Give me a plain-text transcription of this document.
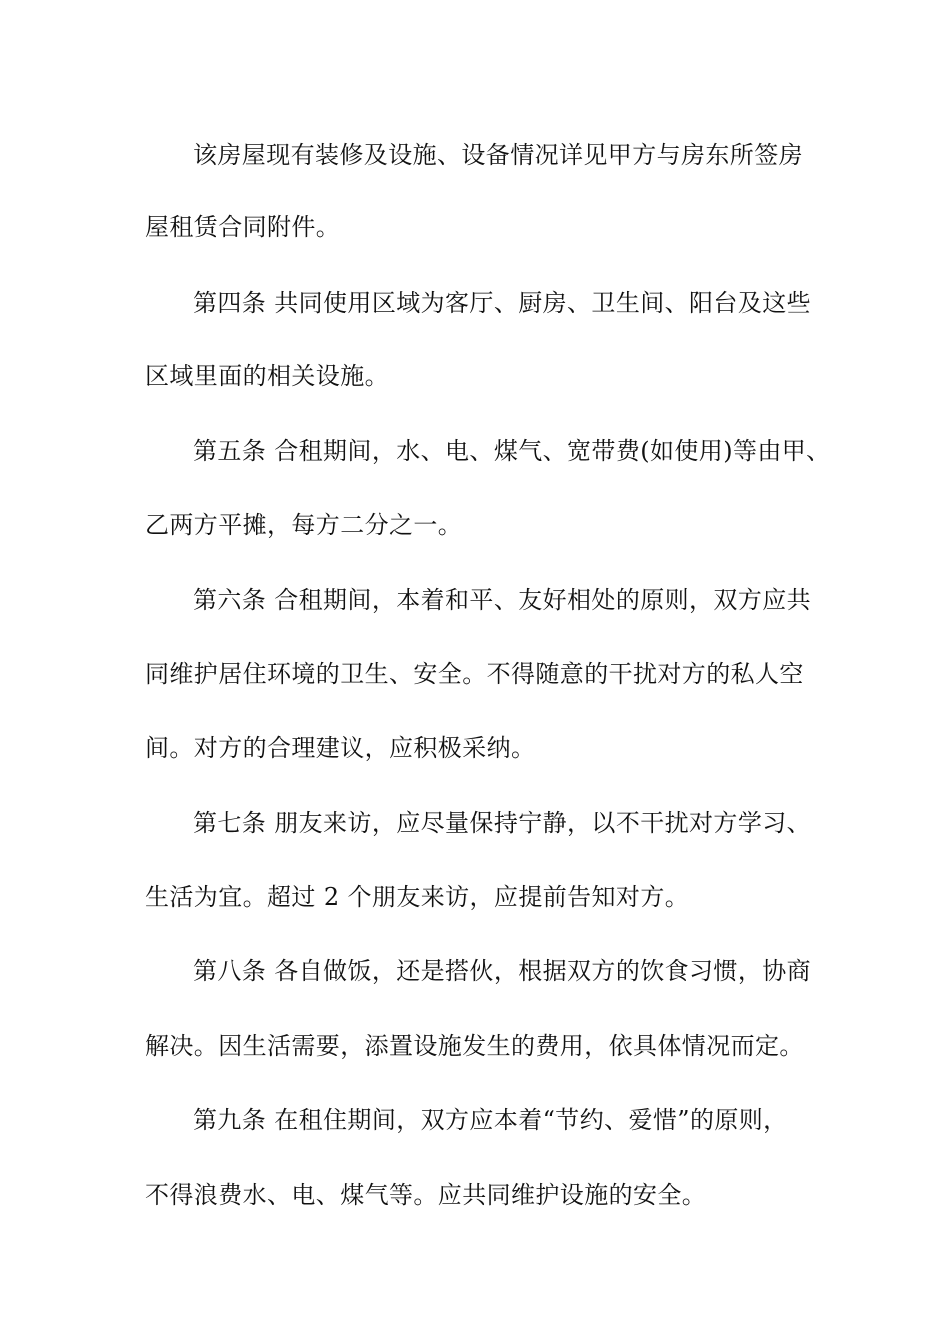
该房屋现有装修及设施、设备情况详见甲方与房东所签房
屋租赁合同附件。
第四条 共同使用区域为客厅、厨房、卫生间、阳台及这些
区域里面的相关设施。
第五条 合租期间，水、电、煤气、宽带费(如使用)等由甲、
乙两方平摊，每方二分之一。
第六条 合租期间，本着和平、友好相处的原则，双方应共
同维护居住环境的卫生、安全。不得随意的干扰对方的私人空
间。对方的合理建议，应积极采纳。
第七条 朋友来访，应尽量保持宁静，以不干扰对方学习、
生活为宜。超过 2 个朋友来访，应提前告知对方。
第八条 各自做饭，还是搭伙，根据双方的饮食习惯，协商
解决。因生活需要，添置设施发生的费用，依具体情况而定。
第九条 在租住期间，双方应本着“节约、爱惜”的原则，
不得浪费水、电、煤气等。应共同维护设施的安全。
